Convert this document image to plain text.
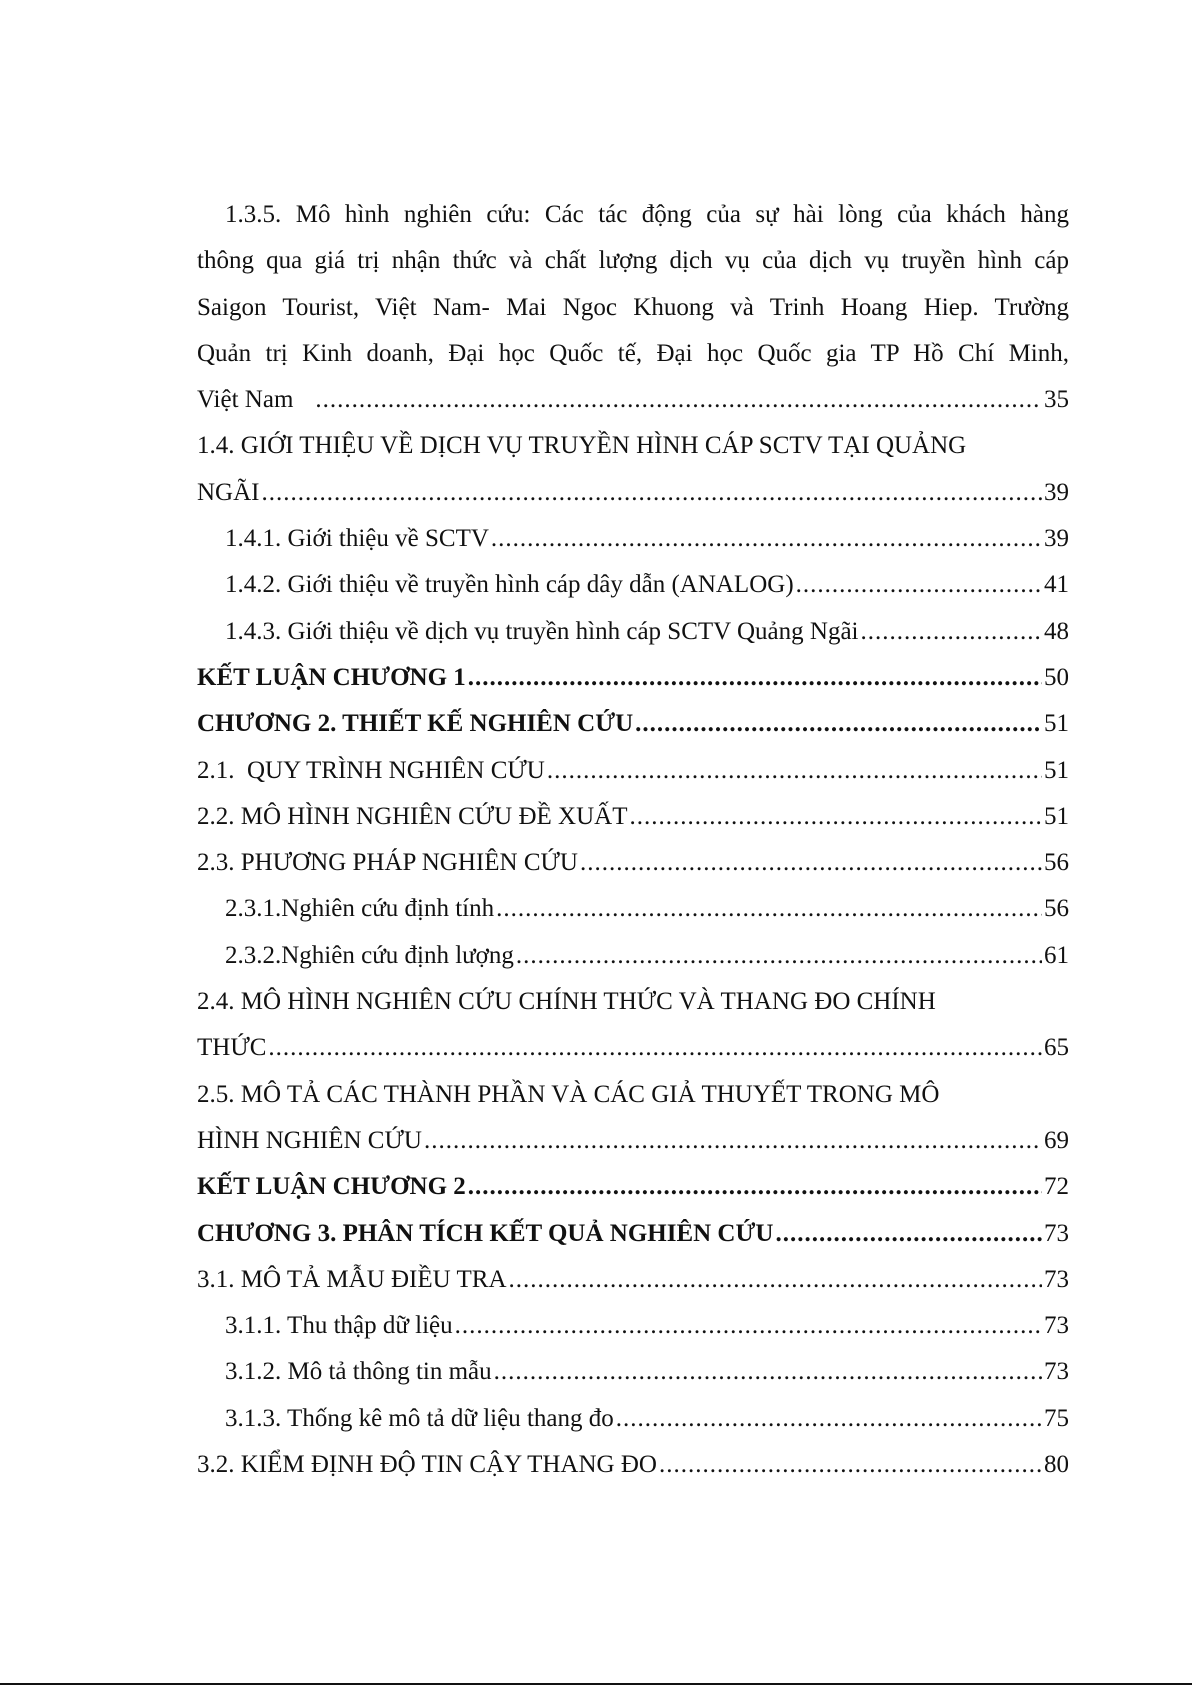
1.3.5. Mô hình nghiên cứu: Các tác động của sự hài lòng của khách hàng
thông qua giá trị nhận thức và chất lượng dịch vụ của dịch vụ truyền hình cáp
Saigon Tourist, Việt Nam- Mai Ngoc Khuong và Trinh Hoang Hiep. Trường
Quản trị Kinh doanh, Đại học Quốc tế, Đại học Quốc gia TP Hồ Chí Minh,
Việt Nam .....	35
1.4. GIỚI THIỆU VỀ DỊCH VỤ TRUYỀN HÌNH CÁP SCTV TẠI QUẢNG
NGÃI .....	39
1.4.1. Giới thiệu về SCTV .....	39
1.4.2. Giới thiệu về truyền hình cáp dây dẫn (ANALOG) .....	41
1.4.3. Giới thiệu về dịch vụ truyền hình cáp SCTV Quảng Ngãi .....	48
KẾT LUẬN CHƯƠNG 1 .....	50
CHƯƠNG 2. THIẾT KẾ NGHIÊN CỨU .....	51
2.1.  QUY TRÌNH NGHIÊN CỨU .....	51
2.2. MÔ HÌNH NGHIÊN CỨU ĐỀ XUẤT .....	51
2.3. PHƯƠNG PHÁP NGHIÊN CỨU .....	56
2.3.1.Nghiên cứu định tính .....	56
2.3.2.Nghiên cứu định lượng .....	61
2.4. MÔ HÌNH NGHIÊN CỨU CHÍNH THỨC VÀ THANG ĐO CHÍNH
THỨC .....	65
2.5. MÔ TẢ CÁC THÀNH PHẦN VÀ CÁC GIẢ THUYẾT TRONG MÔ
HÌNH NGHIÊN CỨU .....	69
KẾT LUẬN CHƯƠNG 2 .....	72
CHƯƠNG 3. PHÂN TÍCH KẾT QUẢ NGHIÊN CỨU .....	73
3.1. MÔ TẢ MẪU ĐIỀU TRA .....	73
3.1.1. Thu thập dữ liệu .....	73
3.1.2. Mô tả thông tin mẫu .....	73
3.1.3. Thống kê mô tả dữ liệu thang đo .....	75
3.2. KIỂM ĐỊNH ĐỘ TIN CẬY THANG ĐO .....	80
